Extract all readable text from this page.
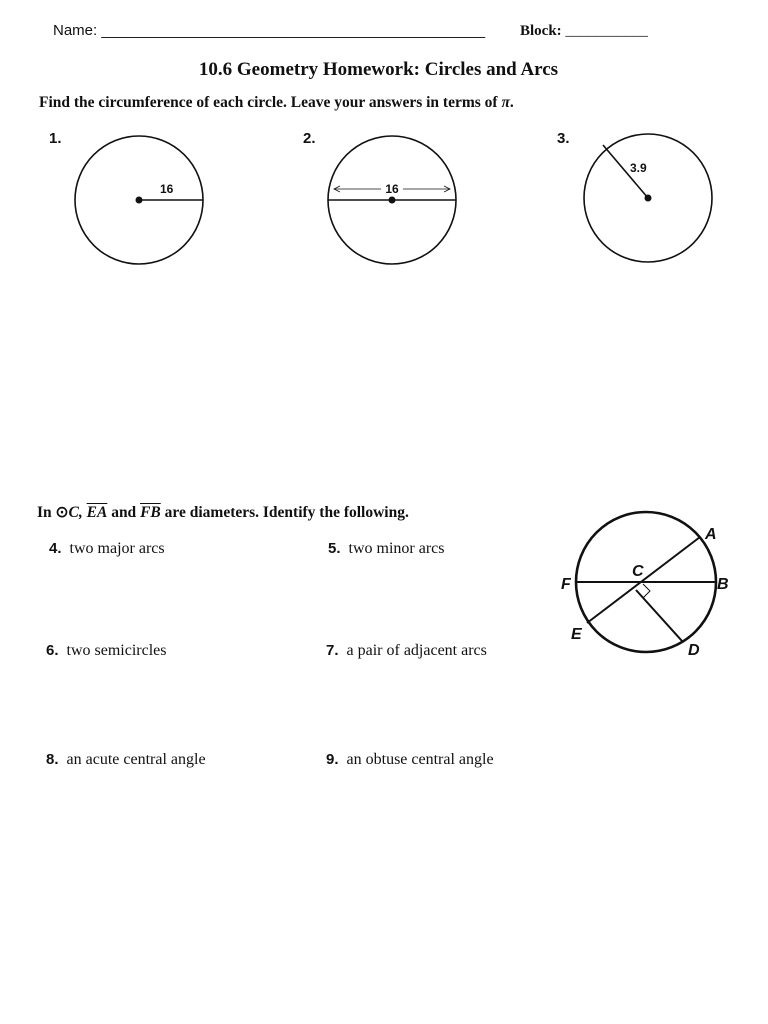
Name: ______________________________________________ Block: ___________
10.6 Geometry Homework: Circles and Arcs
Find the circumference of each circle. Leave your answers in terms of π.
1.	2.	3.
16	16
3.9
In ⊙C, $\overline{EA}$ and $\overline{FB}$ are diameters. Identify the following.
4. two major arcs	5. two minor arcs
6. two semicircles	7. a pair of adjacent arcs
8. an acute central angle	9. an obtuse central angle
A
B
C
D
E
F
